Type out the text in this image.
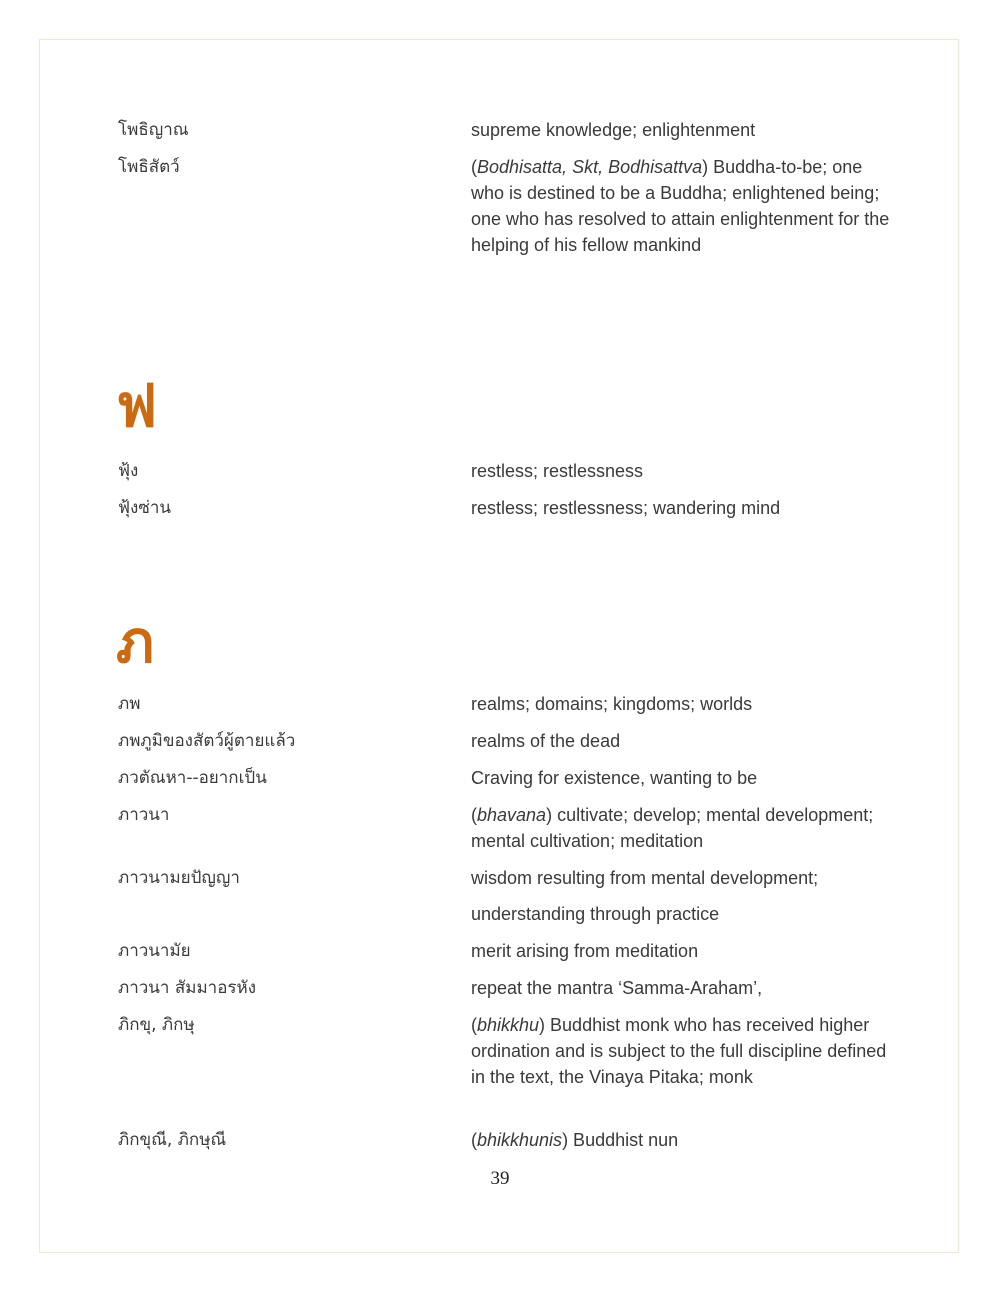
โพธิญาณ	supreme knowledge; enlightenment
โพธิสัตว์	(Bodhisatta, Skt, Bodhisattva) Buddha-to-be; one who is destined to be a Buddha; enlightened being; one who has resolved to attain enlightenment for the helping of his fellow mankind
ฟ
ฟุ้ง	restless; restlessness
ฟุ้งซ่าน	restless; restlessness; wandering mind
ภ
ภพ	realms; domains; kingdoms; worlds
ภพภูมิของสัตว์ผู้ตายแล้ว	realms of the dead
ภวตัณหา--อยากเป็น	Craving for existence, wanting to be
ภาวนา	(bhavana) cultivate; develop; mental development; mental cultivation; meditation
ภาวนามยปัญญา	wisdom resulting from mental development;
understanding through practice
ภาวนามัย	merit arising from meditation
ภาวนา สัมมาอรหัง	repeat the mantra ‘Samma-Araham’,
ภิกขุ, ภิกษุ	(bhikkhu) Buddhist monk who has received higher ordination and is subject to the full discipline defined in the text, the Vinaya Pitaka; monk
ภิกขุณี, ภิกษุณี	(bhikkhunis) Buddhist nun
39
